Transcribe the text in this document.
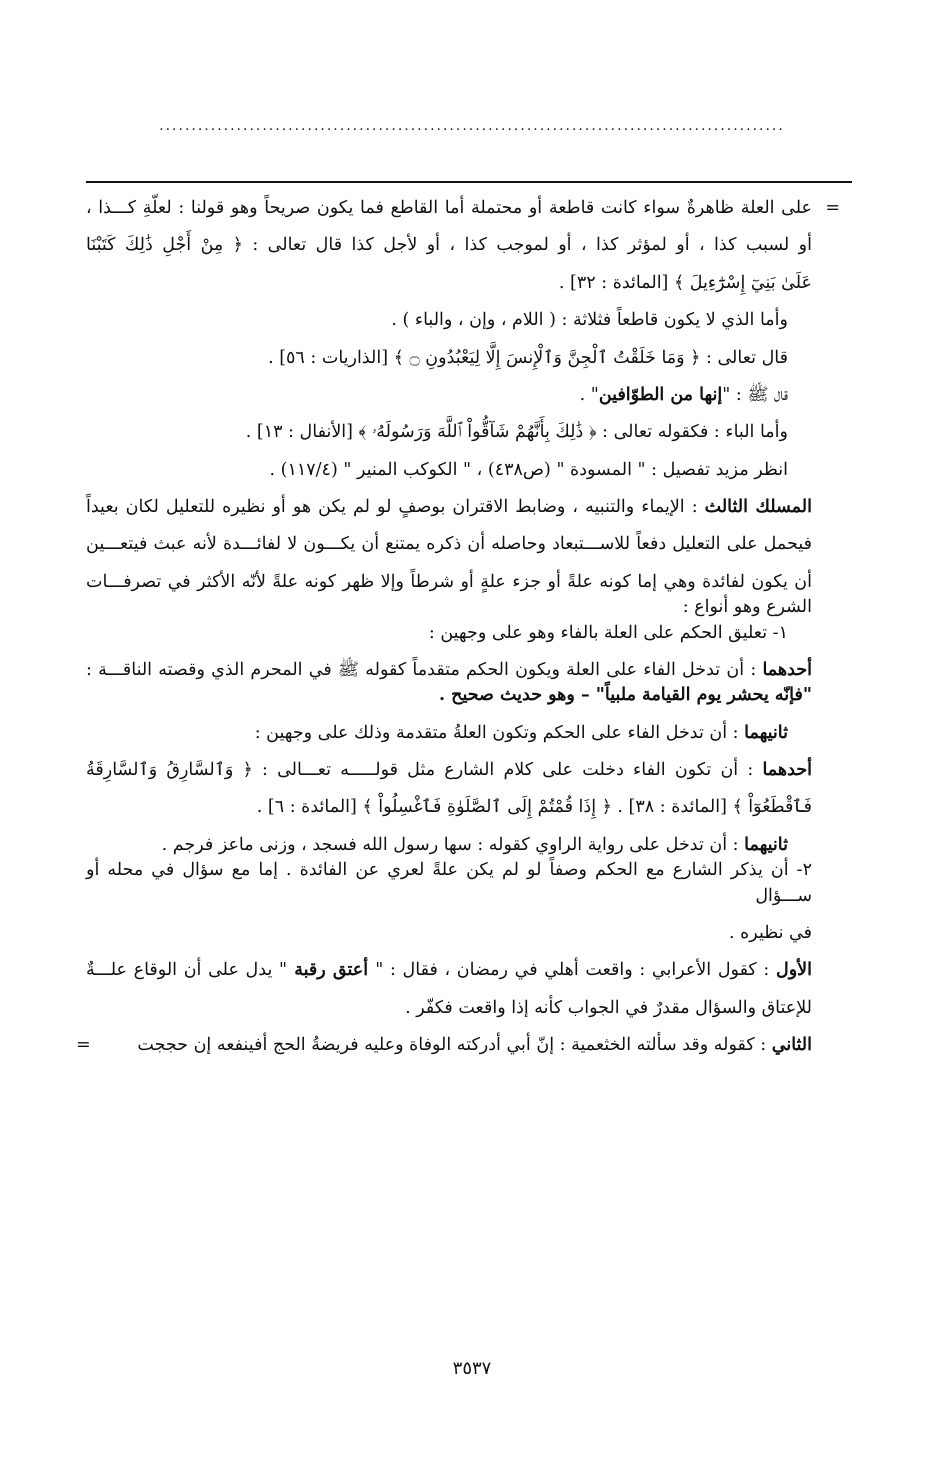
.................................................................................................

=
على العلة ظاهرةٌ سواء كانت قاطعة أو محتملة أما القاطع فما يكون صريحاً وهو قولنا : لعلّةِ كـــذا ،

أو لسبب كذا ، أو لمؤثر كذا ، أو لموجب كذا ، أو لأجل كذا قال تعالى : ﴿ مِنْ أَجْلِ ذَٰلِكَ كَتَبْنَا

عَلَىٰ بَنِيٓ إِسْرَٰٓءِيلَ ﴾ [المائدة : ٣٢] .

وأما الذي لا يكون قاطعاً فثلاثة : ( اللام ، وإن ، والباء ) .

قال تعالى : ﴿ وَمَا خَلَقْتُ ٱلْجِنَّ وَٱلْإِنسَ إِلَّا لِيَعْبُدُونِ ۝ ﴾ [الذاريات : ٥٦] .

قال ﷺ : "إنها من الطوّافين" .

وأما الباء : فكقوله تعالى : ﴿ ذَٰلِكَ بِأَنَّهُمْ شَآقُّواْ ٱللَّهَ وَرَسُولَهُۥ ﴾ [الأنفال : ١٣] .

انظر مزيد تفصيل : " المسودة " (ص٤٣٨) ، " الكوكب المنير " (١١٧/٤) .

المسلك الثالث : الإيماء والتنبيه ، وضابط الاقتران بوصفٍ لو لم يكن هو أو نظيره للتعليل لكان بعيداً

فيحمل على التعليل دفعاً للاســـتبعاد وحاصله أن ذكره يمتنع أن يكـــون لا لفائـــدة لأنه عبث فيتعـــين

أن يكون لفائدة وهي إما كونه علةً أو جزء علةٍ أو شرطاً وإلا ظهر كونه علةً لأنّه الأكثر في تصرفـــات

الشرع وهو أنواع :

١- تعليق الحكم على العلة بالفاء وهو على وجهين :

أحدهما : أن تدخل الفاء على العلة ويكون الحكم متقدماً كقوله ﷺ في المحرم الذي وقصته الناقـــة :

"فإنّه يحشر يوم القيامة ملبياً" – وهو حديث صحيح .

ثانيهما : أن تدخل الفاء على الحكم وتكون العلةُ متقدمة وذلك على وجهين :

أحدهما : أن تكون الفاء دخلت على كلام الشارع مثل قولـــــه تعـــالى : ﴿ وَٱلسَّارِقُ وَٱلسَّارِقَةُ

فَٱقْطَعُوٓاْ ﴾ [المائدة : ٣٨] . ﴿ إِذَا قُمْتُمْ إِلَى ٱلصَّلَوٰةِ فَٱغْسِلُواْ ﴾ [المائدة : ٦] .

ثانيهما : أن تدخل على رواية الراوي كقوله : سها رسول الله فسجد ، وزنى ماعز فرجم .

٢- أن يذكر الشارع مع الحكم وصفاً لو لم يكن علةً لعري عن الفائدة . إما مع سؤال في محله أو ســـؤال

في نظيره .

الأول : كقول الأعرابي : واقعت أهلي في رمضان ، فقال : " أعتق رقبة " يدل على أن الوقاع علـــةٌ

للإعتاق والسؤال مقدرٌ في الجواب كأنه إذا واقعت فكفّر .

الثاني : كقوله وقد سألته الخثعمية : إنّ أبي أدركته الوفاة وعليه فريضةُ الحج أفينفعه إن حججت
=

٣٥٣٧
